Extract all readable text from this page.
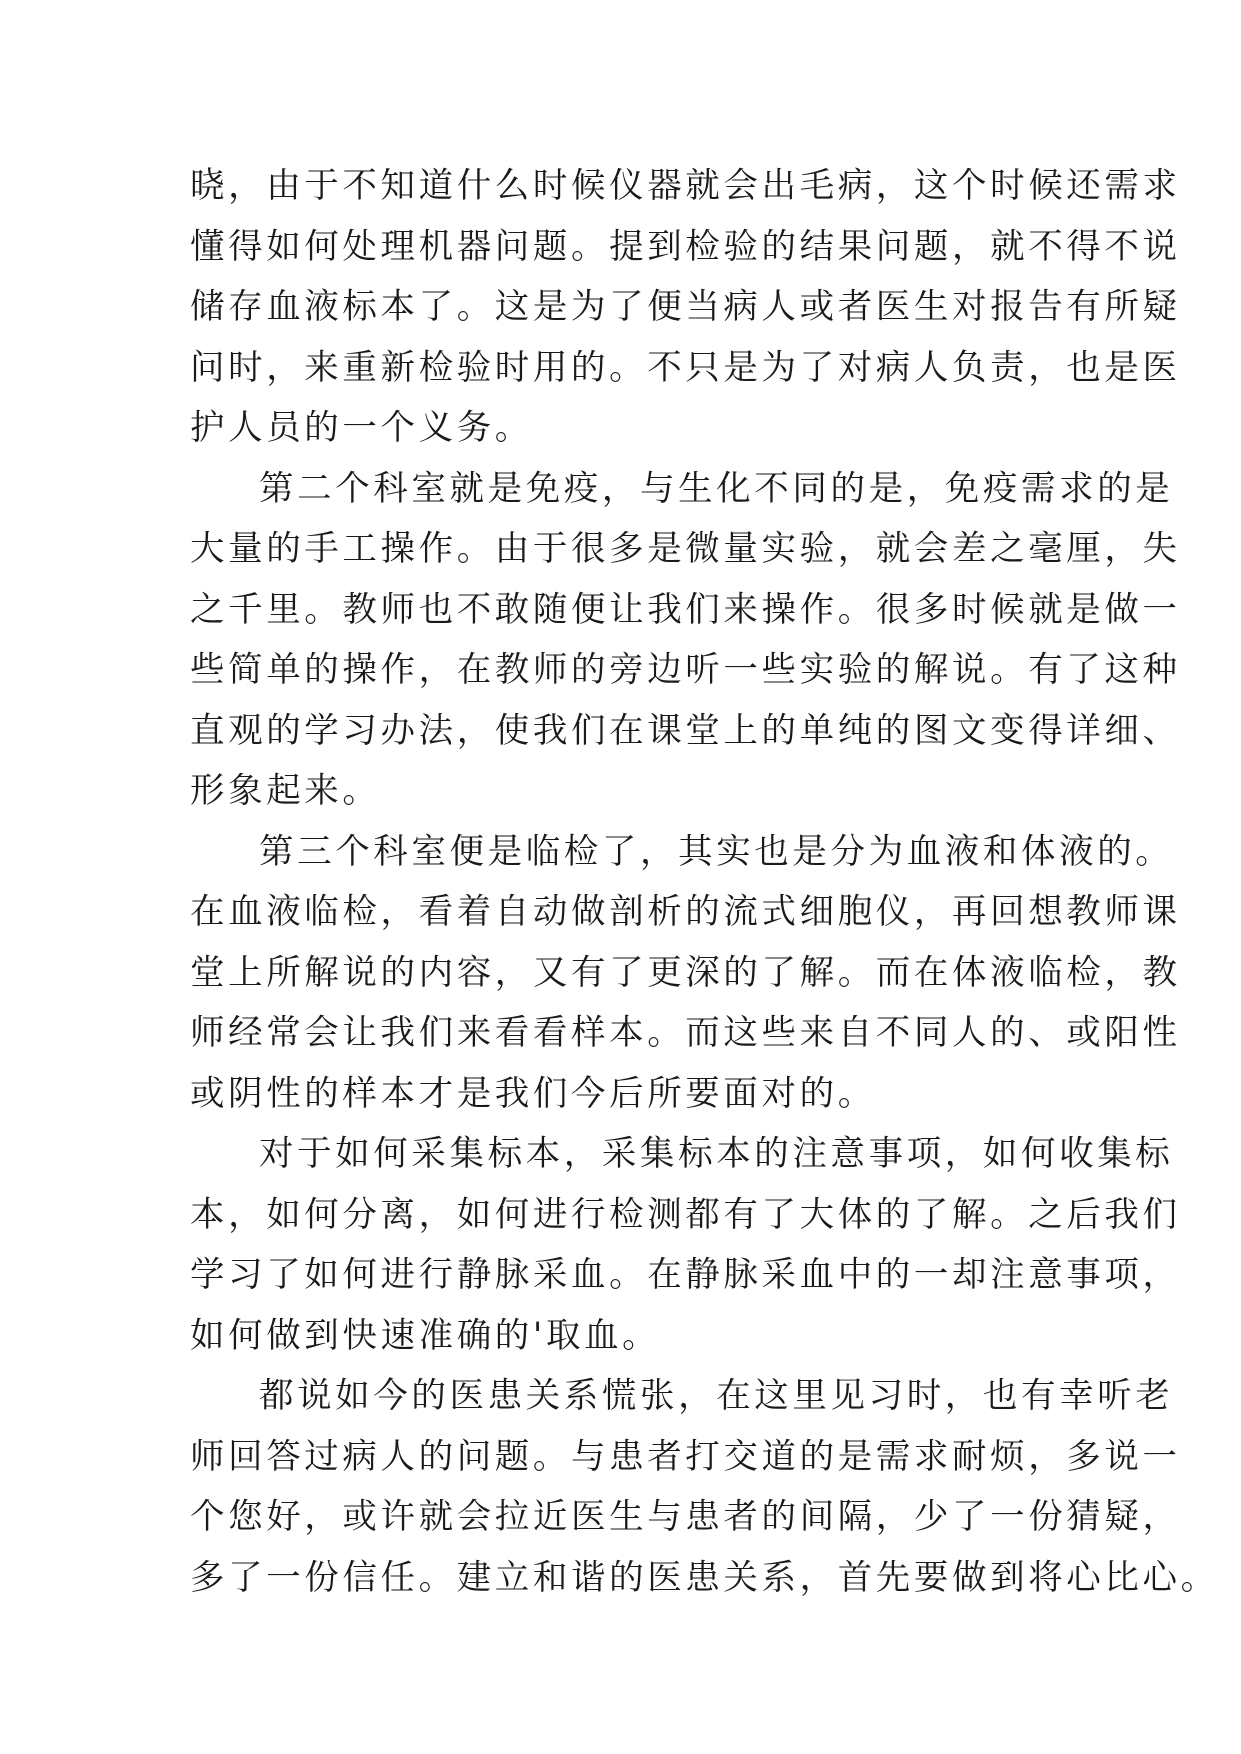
晓，由于不知道什么时候仪器就会出毛病，这个时候还需求
懂得如何处理机器问题。提到检验的结果问题，就不得不说
储存血液标本了。这是为了便当病人或者医生对报告有所疑
问时，来重新检验时用的。不只是为了对病人负责，也是医
护人员的一个义务。
第二个科室就是免疫，与生化不同的是，免疫需求的是
大量的手工操作。由于很多是微量实验，就会差之毫厘，失
之千里。教师也不敢随便让我们来操作。很多时候就是做一
些简单的操作，在教师的旁边听一些实验的解说。有了这种
直观的学习办法，使我们在课堂上的单纯的图文变得详细、
形象起来。
第三个科室便是临检了，其实也是分为血液和体液的。
在血液临检，看着自动做剖析的流式细胞仪，再回想教师课
堂上所解说的内容，又有了更深的了解。而在体液临检，教
师经常会让我们来看看样本。而这些来自不同人的、或阳性
或阴性的样本才是我们今后所要面对的。
对于如何采集标本，采集标本的注意事项，如何收集标
本，如何分离，如何进行检测都有了大体的了解。之后我们
学习了如何进行静脉采血。在静脉采血中的一却注意事项，
如何做到快速准确的'取血。
都说如今的医患关系慌张，在这里见习时，也有幸听老
师回答过病人的问题。与患者打交道的是需求耐烦，多说一
个您好，或许就会拉近医生与患者的间隔，少了一份猜疑，
多了一份信任。建立和谐的医患关系，首先要做到将心比心。
